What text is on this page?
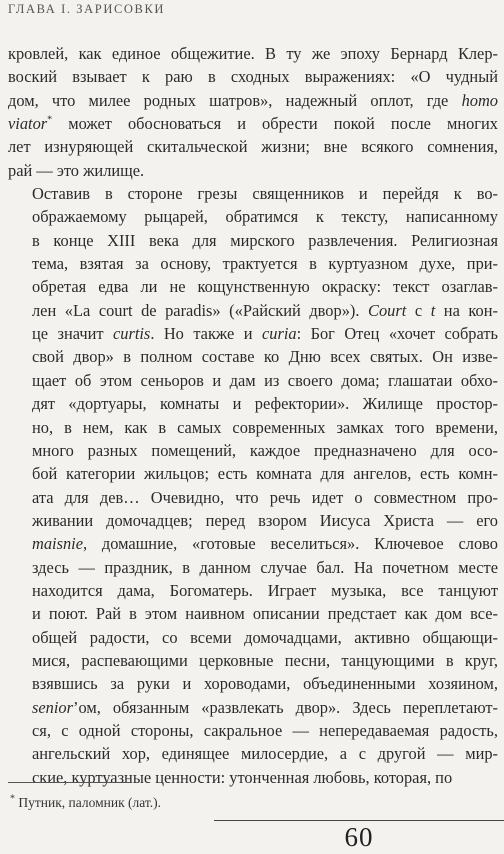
ГЛАВА I. ЗАРИСОВКИ

кровлей, как единое общежитие. В ту же эпоху Бернард Клер-
воский взывает к раю в сходных выражениях: «О чудный
дом, что милее родных шатров», надежный оплот, где homo
viator* может обосноваться и обрести покой после многих
лет изнуряющей скитальческой жизни; вне всякого сомнения,
рай — это жилище.

Оставив в стороне грезы священников и перейдя к во-
ображаемому рыцарей, обратимся к тексту, написанному
в конце XIII века для мирского развлечения. Религиозная
тема, взятая за основу, трактуется в куртуазном духе, при-
обретая едва ли не кощунственную окраску: текст озаглав-
лен «La court de paradis» («Райский двор»). Court с t на кон-
це значит curtis. Но также и curia: Бог Отец «хочет собрать
свой двор» в полном составе ко Дню всех святых. Он извe-
щает об этом сеньоров и дам из своего дома; глашатаи обхо-
дят «дортуары, комнаты и рефектории». Жилище простор-
но, в нем, как в самых современных замках того времени,
много разных помещений, каждое предназначено для осо-
бой категории жильцов; есть комната для ангелов, есть комн-
ата для дев… Очевидно, что речь идет о совместном про-
живании домочадцев; перед взором Иисуса Христа — его
maisnie, домашние, «готовые веселиться». Ключевое слово
здесь — праздник, в данном случае бал. На почетном месте
находится дама, Богоматерь. Играет музыка, все танцуют
и поют. Рай в этом наивном описании предстает как дом все-
общей радости, со всеми домочадцами, активно общающи-
мися, распевающими церковные песни, танцующими в круг,
взявшись за руки и хороводами, объединенными хозяином,
senior’ом, обязанным «развлекать двор». Здесь переплетают-
ся, с одной стороны, сакральное — непередаваемая радость,
ангельский хор, единящее милосердие, а с другой — мир-
ские, куртуазные ценности: утонченная любовь, которая, по

* Путник, паломник (лат.).
60
